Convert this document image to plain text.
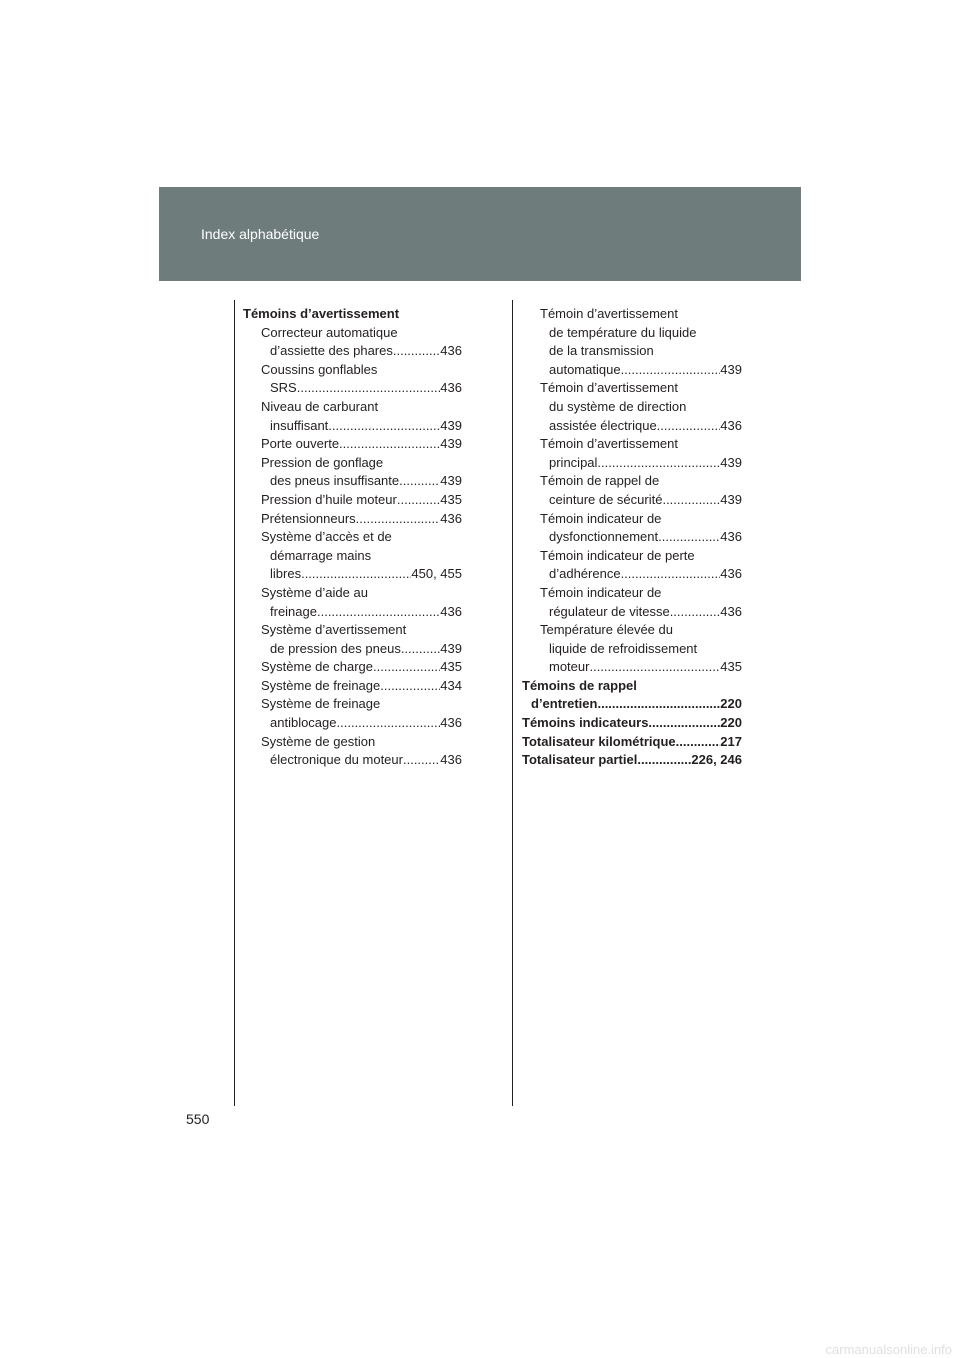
Index alphabétique
Témoins d’avertissement
Correcteur automatique
d’assiette des phares .....	436
Coussins gonflables
SRS .....	436
Niveau de carburant
insuffisant .....	439
Porte ouverte .....	439
Pression de gonflage
des pneus insuffisante .....	439
Pression d’huile moteur .....	435
Prétensionneurs .....	436
Système d’accès et de
démarrage mains
libres .....	450, 455
Système d’aide au
freinage .....	436
Système d’avertissement
de pression des pneus .....	439
Système de charge .....	435
Système de freinage .....	434
Système de freinage
antiblocage .....	436
Système de gestion
électronique du moteur .....	436
Témoin d’avertissement
de température du liquide
de la transmission
automatique .....	439
Témoin d’avertissement
du système de direction
assistée électrique .....	436
Témoin d’avertissement
principal .....	439
Témoin de rappel de
ceinture de sécurité .....	439
Témoin indicateur de
dysfonctionnement .....	436
Témoin indicateur de perte
d’adhérence .....	436
Témoin indicateur de
régulateur de vitesse .....	436
Température élevée du
liquide de refroidissement
moteur .....	435
Témoins de rappel
d’entretien .....	220
Témoins indicateurs .....	220
Totalisateur kilométrique .....	217
Totalisateur partiel .....	226, 246
550
carmanualsonline.info
